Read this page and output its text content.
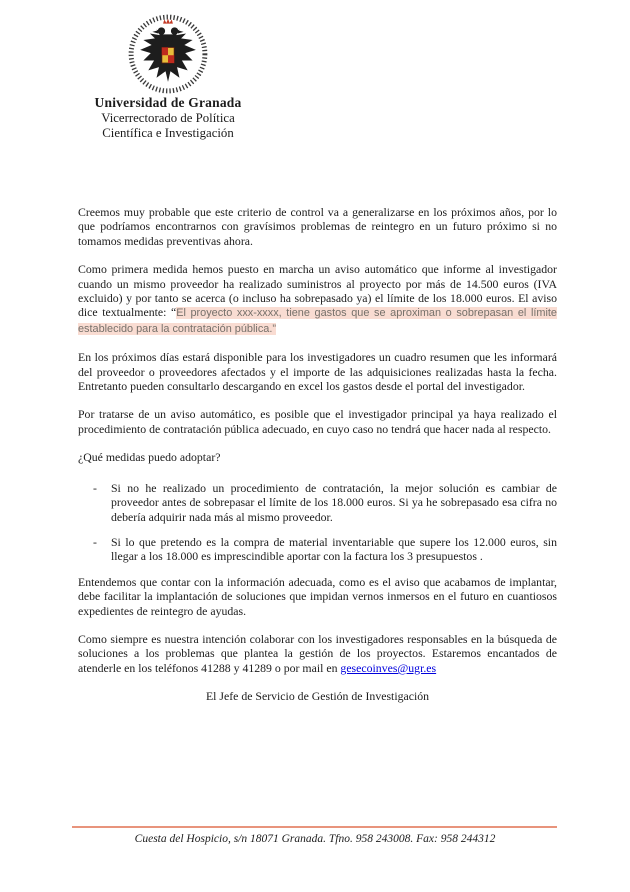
Universidad de Granada
Vicerrectorado de Política
Científica e Investigación

Creemos muy probable que este criterio de control va a generalizarse en los próximos años, por lo que podríamos encontrarnos con gravísimos problemas de reintegro en un futuro próximo si no tomamos medidas preventivas ahora.

Como primera medida hemos puesto en marcha un aviso automático que informe al investigador cuando un mismo proveedor ha realizado suministros al proyecto por más de 14.500 euros (IVA excluido) y por tanto se acerca (o incluso ha sobrepasado ya) el límite de los 18.000 euros. El aviso dice textualmente: “El proyecto xxx-xxxx, tiene gastos que se aproximan o sobrepasan el límite establecido para la contratación pública.”

En los próximos días estará disponible para los investigadores un cuadro resumen que les informará del proveedor o proveedores afectados y el importe de las adquisiciones realizadas hasta la fecha. Entretanto pueden consultarlo descargando en excel los gastos desde el portal del investigador.

Por tratarse de un aviso automático, es posible que el investigador principal ya haya realizado el procedimiento de contratación pública adecuado, en cuyo caso no tendrá que hacer nada al respecto.

¿Qué medidas puedo adoptar?

-	Si no he realizado un procedimiento de contratación, la mejor solución es cambiar de proveedor antes de sobrepasar el límite de los 18.000 euros. Si ya he sobrepasado esa cifra no debería adquirir nada más al mismo proveedor.
-	Si lo que pretendo es la compra de material inventariable que supere los 12.000 euros, sin llegar a los 18.000 es imprescindible aportar con la factura los 3 presupuestos .

Entendemos que contar con la información adecuada, como es el aviso que acabamos de implantar, debe facilitar la implantación de soluciones que impidan vernos inmersos en el futuro en cuantiosos expedientes de reintegro de ayudas.

Como siempre es nuestra intención colaborar con los investigadores responsables en la búsqueda de soluciones a los problemas que plantea la gestión de los proyectos. Estaremos encantados de atenderle en los teléfonos 41288 y 41289 o por mail en gesecoinves@ugr.es

El Jefe de Servicio de Gestión de Investigación

Cuesta del Hospicio, s/n 18071 Granada. Tfno. 958 243008. Fax: 958 244312
